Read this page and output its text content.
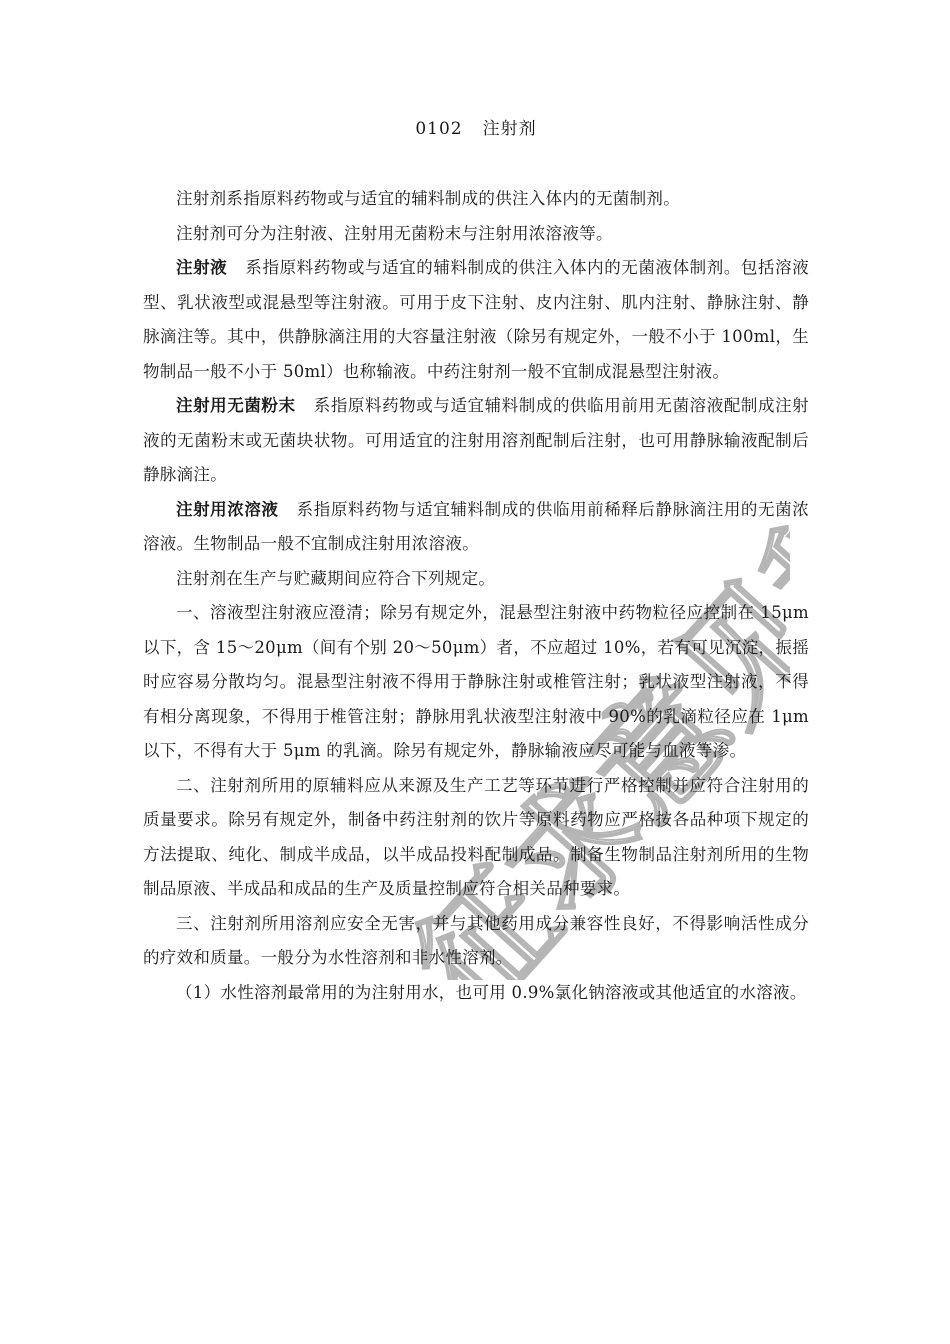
征求意见稿
0102 注射剂

注射剂系指原料药物或与适宜的辅料制成的供注入体内的无菌制剂。

注射剂可分为注射液、注射用无菌粉末与注射用浓溶液等。

注射液 系指原料药物或与适宜的辅料制成的供注入体内的无菌液体制剂。包括溶液型、乳状液型或混悬型等注射液。可用于皮下注射、皮内注射、肌内注射、静脉注射、静脉滴注等。其中，供静脉滴注用的大容量注射液（除另有规定外，一般不小于 100ml，生物制品一般不小于 50ml）也称输液。中药注射剂一般不宜制成混悬型注射液。

注射用无菌粉末 系指原料药物或与适宜辅料制成的供临用前用无菌溶液配制成注射液的无菌粉末或无菌块状物。可用适宜的注射用溶剂配制后注射，也可用静脉输液配制后静脉滴注。

注射用浓溶液 系指原料药物与适宜辅料制成的供临用前稀释后静脉滴注用的无菌浓溶液。生物制品一般不宜制成注射用浓溶液。

注射剂在生产与贮藏期间应符合下列规定。

一、溶液型注射液应澄清；除另有规定外，混悬型注射液中药物粒径应控制在 15μm 以下，含 15～20μm（间有个别 20～50μm）者，不应超过 10%，若有可见沉淀，振摇时应容易分散均匀。混悬型注射液不得用于静脉注射或椎管注射；乳状液型注射液，不得有相分离现象，不得用于椎管注射；静脉用乳状液型注射液中 90%的乳滴粒径应在 1μm 以下，不得有大于 5μm 的乳滴。除另有规定外，静脉输液应尽可能与血液等渗。

二、注射剂所用的原辅料应从来源及生产工艺等环节进行严格控制并应符合注射用的质量要求。除另有规定外，制备中药注射剂的饮片等原料药物应严格按各品种项下规定的方法提取、纯化、制成半成品，以半成品投料配制成品。制备生物制品注射剂所用的生物制品原液、半成品和成品的生产及质量控制应符合相关品种要求。

三、注射剂所用溶剂应安全无害，并与其他药用成分兼容性良好，不得影响活性成分的疗效和质量。一般分为水性溶剂和非水性溶剂。

（1）水性溶剂最常用的为注射用水，也可用 0.9%氯化钠溶液或其他适宜的水溶液。
